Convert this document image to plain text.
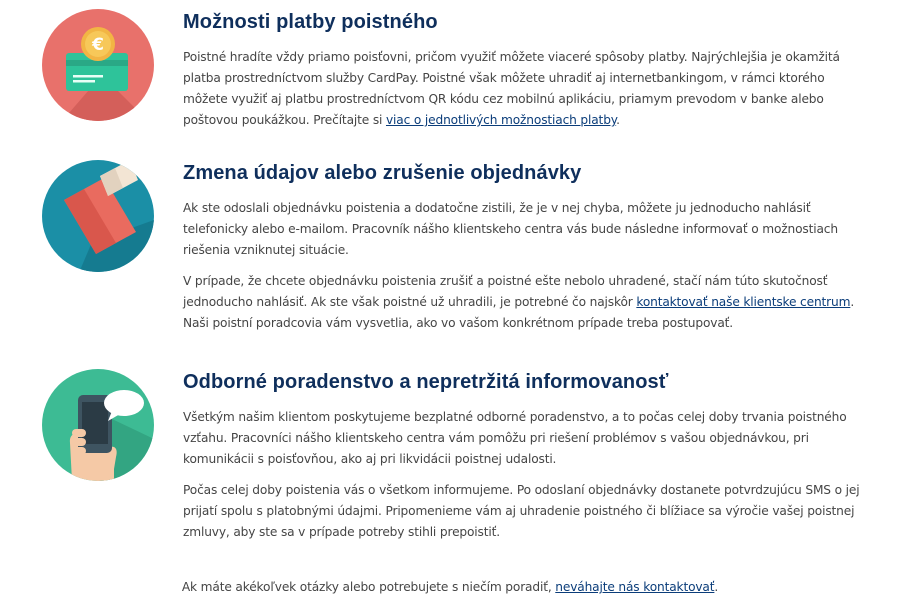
€
Možnosti platby poistného

Poistné hradíte vždy priamo poisťovni, pričom využiť môžete viaceré spôsoby platby. Najrýchlejšia je okamžitá platba prostredníctvom služby CardPay. Poistné však môžete uhradiť aj internetbankingom, v rámci ktorého môžete využiť aj platbu prostredníctvom QR kódu cez mobilnú aplikáciu, priamym prevodom v banke alebo poštovou poukážkou. Prečítajte si viac o jednotlivých možnostiach platby.

Zmena údajov alebo zrušenie objednávky

Ak ste odoslali objednávku poistenia a dodatočne zistili, že je v nej chyba, môžete ju jednoducho nahlásiť telefonicky alebo e-mailom. Pracovník nášho klientskeho centra vás bude následne informovať o možnostiach riešenia vzniknutej situácie.

V prípade, že chcete objednávku poistenia zrušiť a poistné ešte nebolo uhradené, stačí nám túto skutočnosť jednoducho nahlásiť. Ak ste však poistné už uhradili, je potrebné čo najskôr kontaktovať naše klientske centrum. Naši poistní poradcovia vám vysvetlia, ako vo vašom konkrétnom prípade treba postupovať.

Odborné poradenstvo a nepretržitá informovanosť

Všetkým našim klientom poskytujeme bezplatné odborné poradenstvo, a to počas celej doby trvania poistného vzťahu. Pracovníci nášho klientskeho centra vám pomôžu pri riešení problémov s vašou objednávkou, pri komunikácii s poisťovňou, ako aj pri likvidácii poistnej udalosti.

Počas celej doby poistenia vás o všetkom informujeme. Po odoslaní objednávky dostanete potvrdzujúcu SMS o jej prijatí spolu s platobnými údajmi. Pripomenieme vám aj uhradenie poistného či blížiace sa výročie vašej poistnej zmluvy, aby ste sa v prípade potreby stihli prepoistiť.

Ak máte akékoľvek otázky alebo potrebujete s niečím poradiť, neváhajte nás kontaktovať.
